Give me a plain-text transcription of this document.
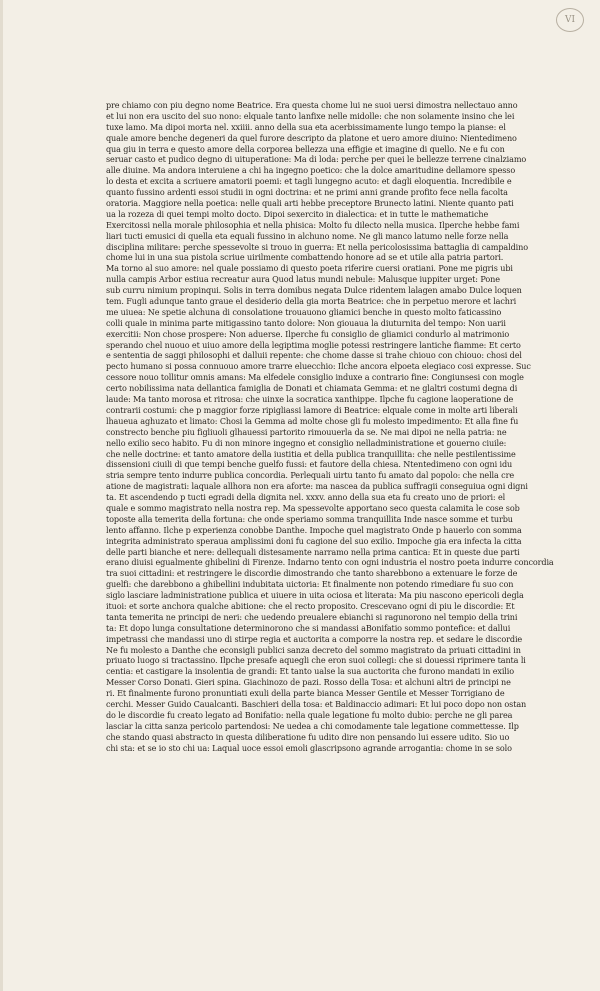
VI
pre chiamo con piu degno nome Beatrice. Era questa chome lui ne suoi uersi dimostra nellectauo anno
et lui non era uscito del suo nono: elquale tanto lanfixe nelle midolle: che non solamente insino che lei
tuxe lamo. Ma dipoi morta nel. xxiiii. anno della sua eta acerbissimamente lungo tempo la pianse: el
quale amore benche degeneri da quel furore descripto da platone et uero amore diuino: Nientedimeno
qua giu in terra e questo amore della corporea bellezza una effigie et imagine di quello. Ne e fu con
seruar casto et pudico degno di uituperatione: Ma di loda: perche per quei le bellezze terrene cinalziamo
alle diuine. Ma andora interuiene a chi ha ingegno poetico: che la dolce amaritudine dellamore spesso
lo desta et excita a scriuere amatorii poemi: et tagli lungegno acuto: et dagli eloquentia. Incredibile e
quanto fussino ardenti essoi studii in ogni doctrina: et ne primi anni grande profito fece nella facolta
oratoria. Maggiore nella poetica: nelle quali arti hebbe preceptore Brunecto latini. Niente quanto pati
ua la rozeza di quei tempi molto docto. Dipoi sexercito in dialectica: et in tutte le mathematiche
Exercitossi nella morale philosophia et nella phisica: Molto fu dilecto nella musica. Ilperche hebbe fami
liari tucti emusici di quella eta equali fussino in alchuno nome. Ne gli manco latumo nelle forze nella
disciplina militare: perche spessevolte si trouo in guerra: Et nella pericolosissima battaglia di campaldino
chome lui in una sua pistola scriue uirilmente combattendo honore ad se et utile alla patria partori.
Ma torno al suo amore: nel quale possiamo di questo poeta riferire cuersi oratiani. Pone me pigris ubi
nulla campis Arbor estiua recreatur aura Quod latus mundi nebule: Malusque iuppiter urget: Pone
sub curru nimium propinqui. Solis in terra domibus negata Dulce ridentem lalagen amabo Dulce loquen
tem. Fugli adunque tanto graue el desiderio della gia morta Beatrice: che in perpetuo merore et lachri
me uiuea: Ne spetie alchuna di consolatione trouauono gliamici benche in questo molto faticassino
colli quale in minima parte mitigassino tanto dolore: Non giouaua la diuturnita del tempo: Non uarii
exercitii: Non chose prospere: Non aduerse. Ilperche fu consiglio de gliamici condurlo al matrimonio
sperando chel nuouo et uiuo amore della legiptima moglie potessi restringere lantiche fiamme: Et certo
e sententia de saggi philosophi et dalluii repente: che chome dasse si trahe chiouo con chiouo: chosi del
pecto humano si possa connuouo amore trarre eluecchio: Ilche ancora elpoeta elegiaco cosi expresse. Suc
cessore nouo tollitur omnis amans: Ma elfedele consiglio induxe a contrario fine: Congiunsesi con mogle
certo nobilissima nata dellantica famiglia de Donati et chiamata Gemma: et ne glaltri costumi degna di
laude: Ma tanto morosa et ritrosa: che uinxe la socratica xanthippe. Ilpche fu cagione laoperatione de
contrarii costumi: che p maggior forze ripigliassi lamore di Beatrice: elquale come in molte arti liberali
lhaueua aghuzato et limato: Chosi la Gemma ad molte chose gli fu molesto impedimento: Et alla fine fu
constrecto benche piu figliuoli glhauessi partorito rimouuerla da se. Ne mai dipoi ne nella patria: ne
nello exilio seco habito. Fu di non minore ingegno et consiglio nelladministratione et gouerno ciuile:
che nelle doctrine: et tanto amatore della iustitia et della publica tranquillita: che nelle pestilentissime
dissensioni ciuili di que tempi benche guelfo fussi: et fautore della chiesa. Ntentedimeno con ogni idu
stria sempre tento indurre publica concordia. Perlequali uirtu tanto fu amato dal popolo: che nella cre
atione de magistrati: laquale allhora non era aforte: ma nascea da publica suffragii conseguiua ogni digni
ta. Et ascendendo p tucti egradi della dignita nel. xxxv. anno della sua eta fu creato uno de priori: el
quale e sommo magistrato nella nostra rep. Ma spessevolte apportano seco questa calamita le cose sob
toposte alla temerita della fortuna: che onde speriamo somma tranquillita Inde nasce somme et turbu
lento affanno. Ilche p experienza conobbe Danthe. Impoche quel magistrato Onde p hauerlo con somma
integrita administrato speraua amplissimi doni fu cagione del suo exilio. Impoche gia era infecta la citta
delle parti bianche et nere: dellequali distesamente narramo nella prima cantica: Et in queste due parti
erano diuisi egualmente ghibelini di Firenze. Indarno tento con ogni industria el nostro poeta indurre concordia
tra suoi cittadini: et restringere le discordie dimostrando che tanto sharebbono a extenuare le forze de
guelfi: che darebbono a ghibellini indubitata uictoria: Et finalmente non potendo rimediare fu suo con
siglo lasciare ladministratione publica et uiuere in uita ociosa et literata: Ma piu nascono epericoli degla
ituoi: et sorte anchora qualche abitione: che el recto proposito. Crescevano ogni di piu le discordie: Et
tanta temerita ne principi de neri: che uedendo preualere ebianchi si ragunorono nel tempio della trini
ta: Et dopo lunga consultatione determinorono che si mandassi aBonifatio sommo pontefice: et dallui
impetrassi che mandassi uno di stirpe regia et auctorita a comporre la nostra rep. et sedare le discordie
Ne fu molesto a Danthe che econsigli publici sanza decreto del sommo magistrato da priuati cittadini in
priuato luogo si tractassino. Ilpche presafe aquegli che eron suoi collegi: che si douessi riprimere tanta li
centia: et castigare la insolentia de grandi: Et tanto ualse la sua auctorita che furono mandati in exilio
Messer Corso Donati. Gieri spina. Giachinozo de pazi. Rosso della Tosa: et alchuni altri de principi ne
ri. Et finalmente furono pronuntiati exuli della parte bianca Messer Gentile et Messer Torrigiano de
cerchi. Messer Guido Caualcanti. Baschieri della tosa: et Baldinaccio adimari: Et lui poco dopo non ostan
do le discordie fu creato legato ad Bonifatio: nella quale legatione fu molto dubio: perche ne gli parea
lasciar la citta sanza pericolo partendosi: Ne uedea a chi comodamente tale legatione commettesse. Ilp
che stando quasi abstracto in questa diliberatione fu udito dire non pensando lui essere udito. Sio uo
chi sta: et se io sto chi ua: Laqual uoce essoi emoli glascripsono agrande arrogantia: chome in se solo
